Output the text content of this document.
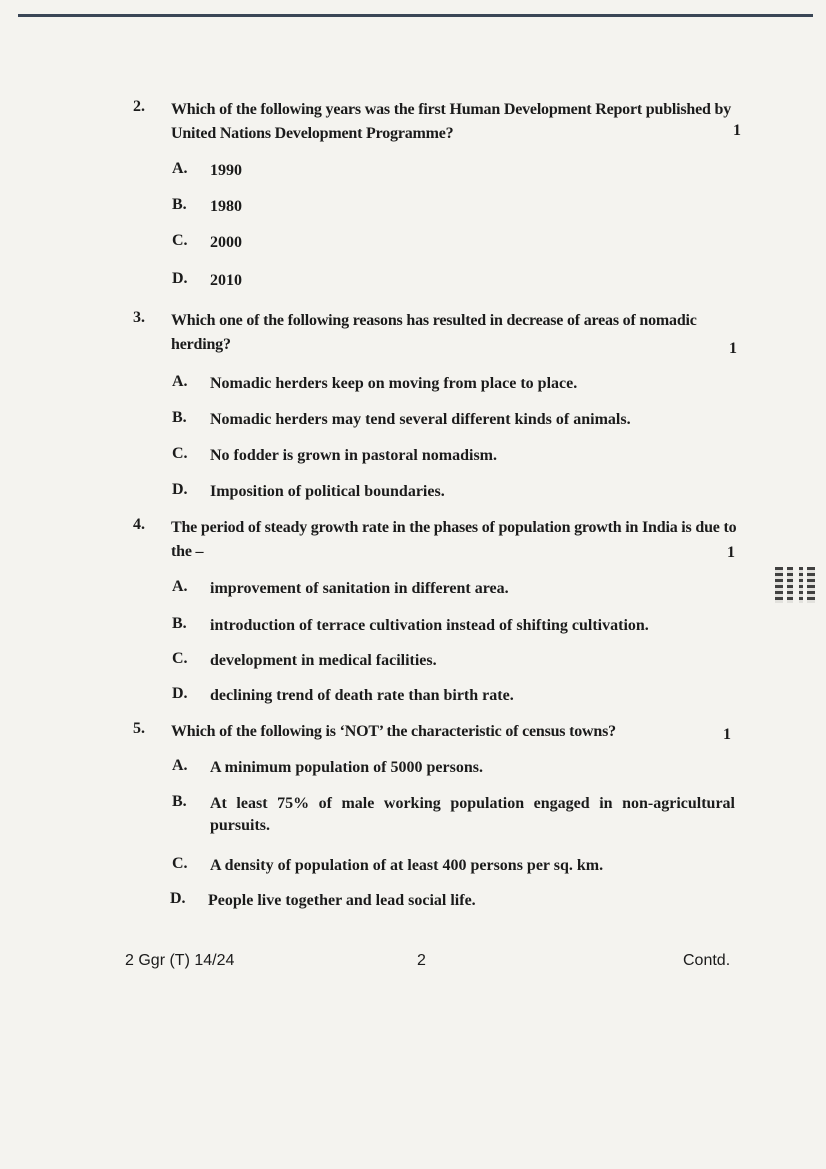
2. Which of the following years was the first Human Development Report published by United Nations Development Programme?	1
A. 1990
B. 1980
C. 2000
D. 2010
3. Which one of the following reasons has resulted in decrease of areas of nomadic herding?	1
A. Nomadic herders keep on moving from place to place.
B. Nomadic herders may tend several different kinds of animals.
C. No fodder is grown in pastoral nomadism.
D. Imposition of political boundaries.
4. The period of steady growth rate in the phases of population growth in India is due to the –	1
A. improvement of sanitation in different area.
B. introduction of terrace cultivation instead of shifting cultivation.
C. development in medical facilities.
D. declining trend of death rate than birth rate.
5. Which of the following is ‘NOT’ the characteristic of census towns?	1
A. A minimum population of 5000 persons.
B. At least 75% of male working population engaged in non-agricultural pursuits.
C. A density of population of at least 400 persons per sq. km.
D. People live together and lead social life.
2 Ggr (T) 14/24	2	Contd.
